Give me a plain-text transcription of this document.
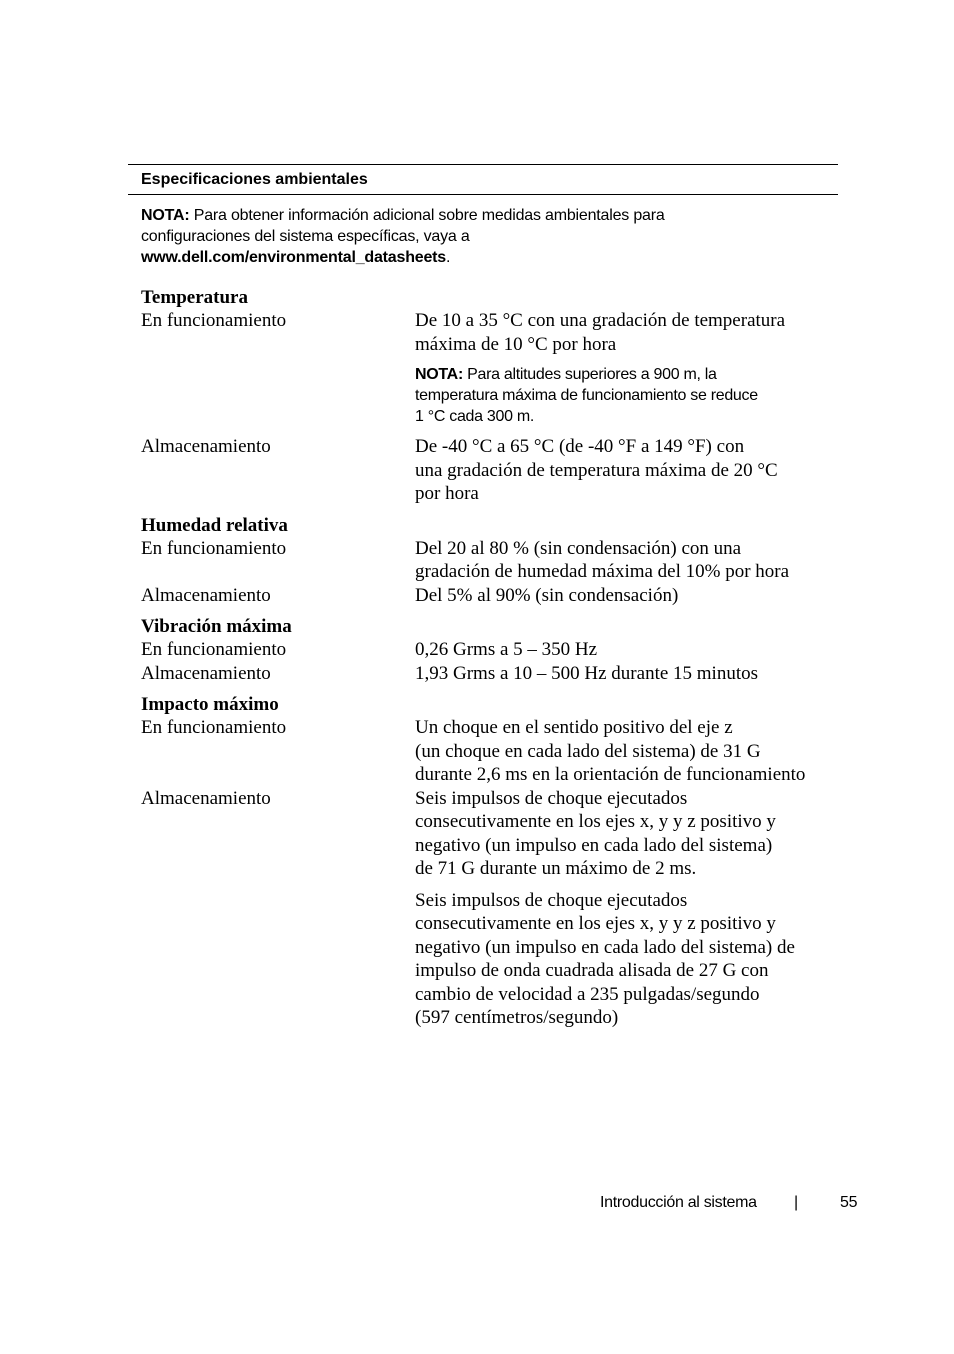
Especificaciones ambientales
NOTA: Para obtener información adicional sobre medidas ambientales para
configuraciones del sistema específicas, vaya a
www.dell.com/environmental_datasheets.
Temperatura
En funcionamiento	De 10 a 35 °C con una gradación de temperatura
máxima de 10 °C por hora

NOTA: Para altitudes superiores a 900 m, la
temperatura máxima de funcionamiento se reduce
1 °C cada 300 m.
Almacenamiento	De -40 °C a 65 °C (de -40 °F a 149 °F) con
una gradación de temperatura máxima de 20 °C
por hora

Humedad relativa
En funcionamiento	Del 20 al 80 % (sin condensación) con una
gradación de humedad máxima del 10% por hora

Almacenamiento	Del 5% al 90% (sin condensación)

Vibración máxima
En funcionamiento	0,26 Grms a 5 – 350 Hz

Almacenamiento	1,93 Grms a 10 – 500 Hz durante 15 minutos

Impacto máximo
En funcionamiento	Un choque en el sentido positivo del eje z
(un choque en cada lado del sistema) de 31 G
durante 2,6 ms en la orientación de funcionamiento

Almacenamiento	Seis impulsos de choque ejecutados
consecutivamente en los ejes x, y y z positivo y
negativo (un impulso en cada lado del sistema)
de 71 G durante un máximo de 2 ms.

Seis impulsos de choque ejecutados
consecutivamente en los ejes x, y y z positivo y
negativo (un impulso en cada lado del sistema) de
impulso de onda cuadrada alisada de 27 G con
cambio de velocidad a 235 pulgadas/segundo
(597 centímetros/segundo)

Introducción al sistema |	55
